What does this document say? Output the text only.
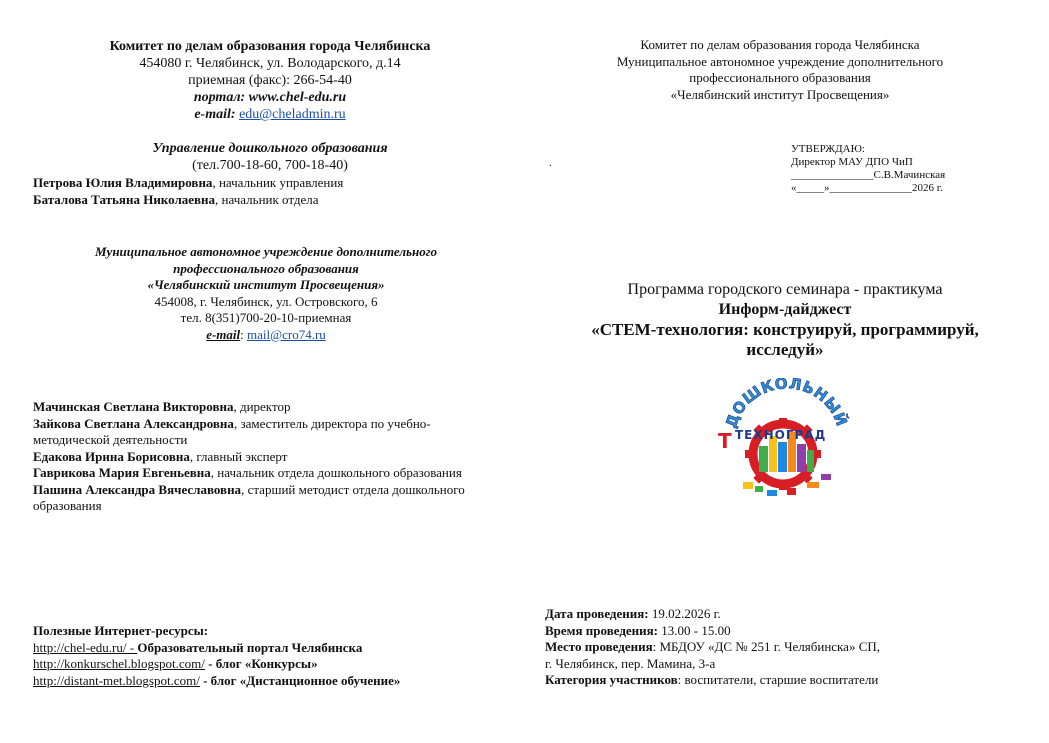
Комитет по делам образования города Челябинска
454080 г. Челябинск, ул. Володарского, д.14
приемная (факс): 266-54-40
портал: www.chel-edu.ru
e-mail: edu@cheladmin.ru
Управление дошкольного образования
(тел.700-18-60, 700-18-40)
Петрова Юлия Владимировна, начальник управления
Баталова Татьяна Николаевна, начальник отдела
Муниципальное автономное учреждение дополнительного
профессионального образования
«Челябинский институт Просвещения»
454008, г. Челябинск, ул. Островского, 6
тел. 8(351)700-20-10-приемная
e-mail: mail@cro74.ru
Мачинская Светлана Викторовна, директор
Зайкова Светлана Александровна, заместитель директора по учебно-методической деятельности
Едакова Ирина Борисовна, главный эксперт
Гаврикова Мария Евгеньевна, начальник отдела дошкольного образования
Пашина Александра Вячеславовна, старший методист отдела дошкольного образования
Полезные Интернет-ресурсы:
http://chel-edu.ru/ - Образовательный портал Челябинска
http://konkurschel.blogspot.com/ - блог «Конкурсы»
http://distant-met.blogspot.com/ - блог «Дистанционное обучение»
Комитет по делам образования города Челябинска
Муниципальное автономное учреждение дополнительного
профессионального образования
«Челябинский институт Просвещения»
.
УТВЕРЖДАЮ:
Директор МАУ ДПО ЧиП
_______________С.В.Мачинская
«_____»_______________2026 г.
Программа городского семинара - практикума
Информ-дайджест
«СТЕМ-технология: конструируй, программируй,
исследуй»
ДОШКОЛЬНЫЙ
Т ТЕХНОГРАД
Дата проведения: 19.02.2026 г.
Время проведения: 13.00 - 15.00
Место проведения: МБДОУ «ДС № 251 г. Челябинска» СП,
г. Челябинск, пер. Мамина, 3-а
Категория участников: воспитатели, старшие воспитатели
